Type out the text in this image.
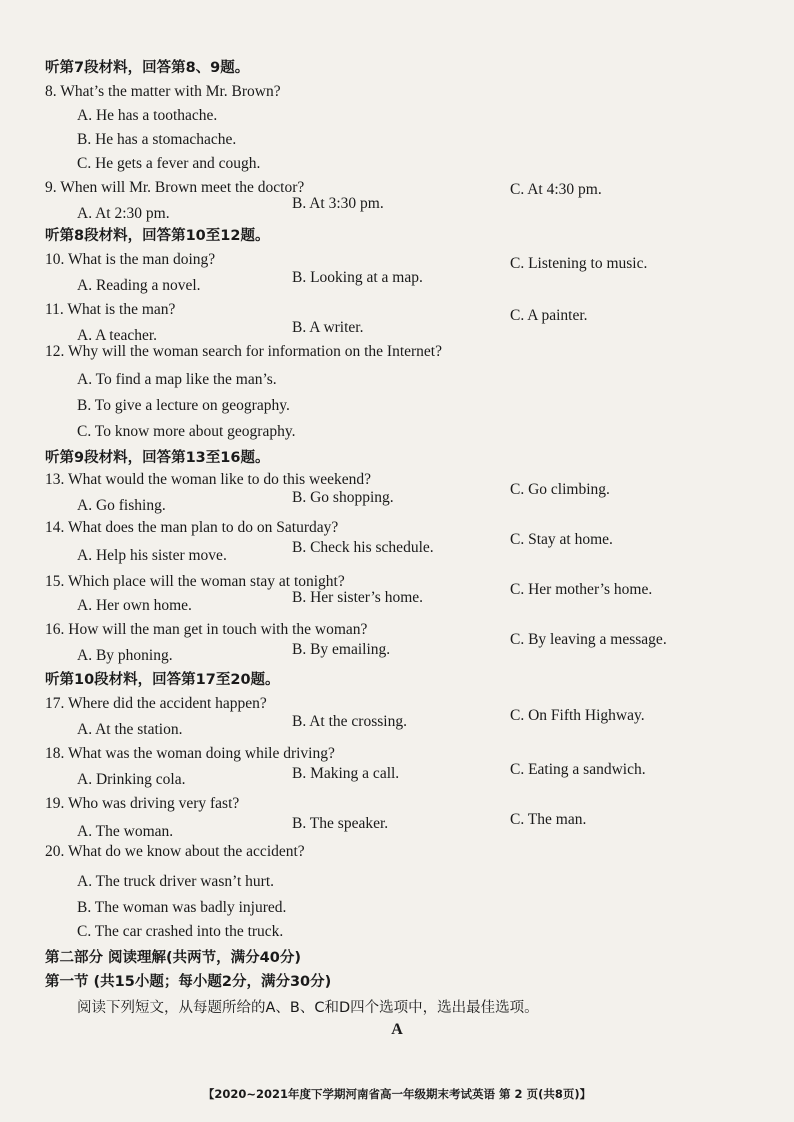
听第7段材料，回答第8、9题。
8. What’s the matter with Mr. Brown?
A. He has a toothache.
B. He has a stomachache.
C. He gets a fever and cough.
9. When will Mr. Brown meet the doctor?
A. At 2:30 pm.
B. At 3:30 pm.
C. At 4:30 pm.
听第8段材料，回答第10至12题。
10. What is the man doing?
A. Reading a novel.	B. Looking at a map.
C. Listening to music.
11. What is the man?
A. A teacher.	B. A writer.
C. A painter.
12. Why will the woman search for information on the Internet?
A. To find a map like the man’s.
B. To give a lecture on geography.
C. To know more about geography.
听第9段材料，回答第13至16题。
13. What would the woman like to do this weekend?
A. Go fishing.	B. Go shopping.	C. Go climbing.
14. What does the man plan to do on Saturday?
A. Help his sister move.	B. Check his schedule.	C. Stay at home.
15. Which place will the woman stay at tonight?
A. Her own home.	B. Her sister’s home.	C. Her mother’s home.
16. How will the man get in touch with the woman?
A. By phoning.	B. By emailing.
C. By leaving a message.
听第10段材料，回答第17至20题。
17. Where did the accident happen?
A. At the station.	B. At the crossing.	C. On Fifth Highway.
18. What was the woman doing while driving?
A. Drinking cola.	B. Making a call.	C. Eating a sandwich.
19. Who was driving very fast?
A. The woman.	B. The speaker.	C. The man.
20. What do we know about the accident?
A. The truck driver wasn’t hurt.
B. The woman was badly injured.
C. The car crashed into the truck.
第二部分 阅读理解(共两节，满分40分)
第一节 (共15小题；每小题2分，满分30分)
阅读下列短文，从每题所给的A、B、C和D四个选项中，选出最佳选项。
A
【2020~2021年度下学期河南省高一年级期末考试英语 第 2 页(共8页)】
